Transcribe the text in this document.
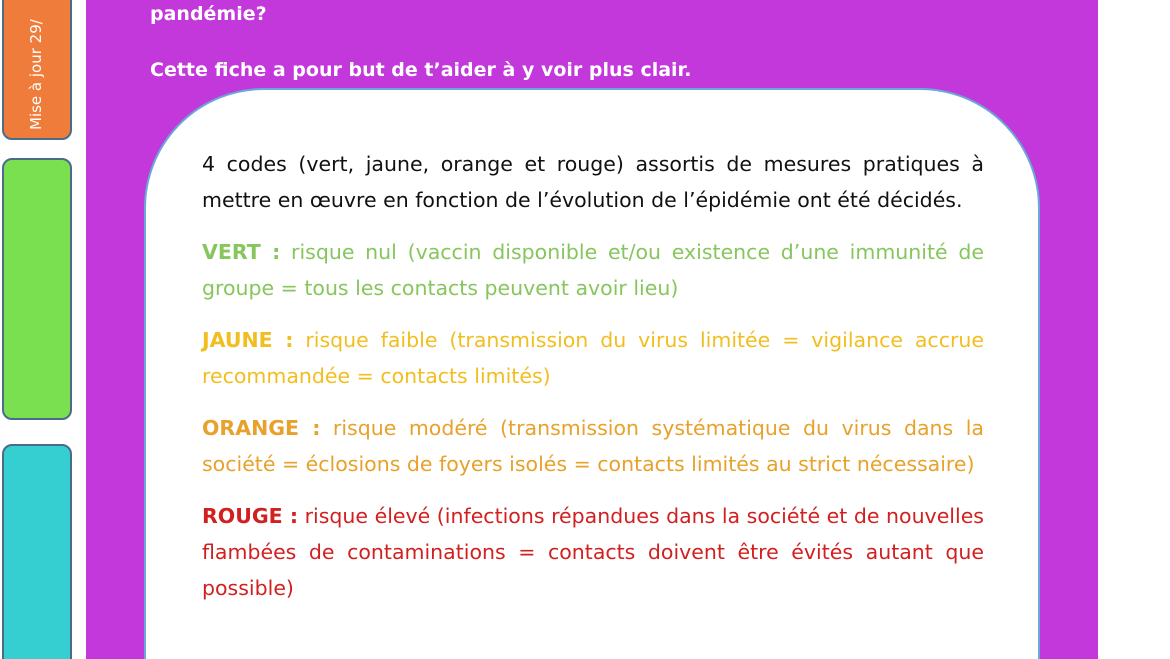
Mise à jour 29/

pandémie?

Cette fiche a pour but de t’aider à y voir plus clair.

4 codes (vert, jaune, orange et rouge) assortis de mesures pratiques à mettre en œuvre en fonction de l’évolution de l’épidémie ont été décidés.

VERT : risque nul (vaccin disponible et/ou existence d’une immunité de groupe = tous les contacts peuvent avoir lieu)

JAUNE : risque faible (transmission du virus limitée = vigilance accrue recommandée = contacts limités)

ORANGE : risque modéré (transmission systématique du virus dans la société = éclosions de foyers isolés = contacts limités au strict nécessaire)

ROUGE : risque élevé (infections répandues dans la société et de nouvelles flambées de contaminations = contacts doivent être évités autant que possible)
